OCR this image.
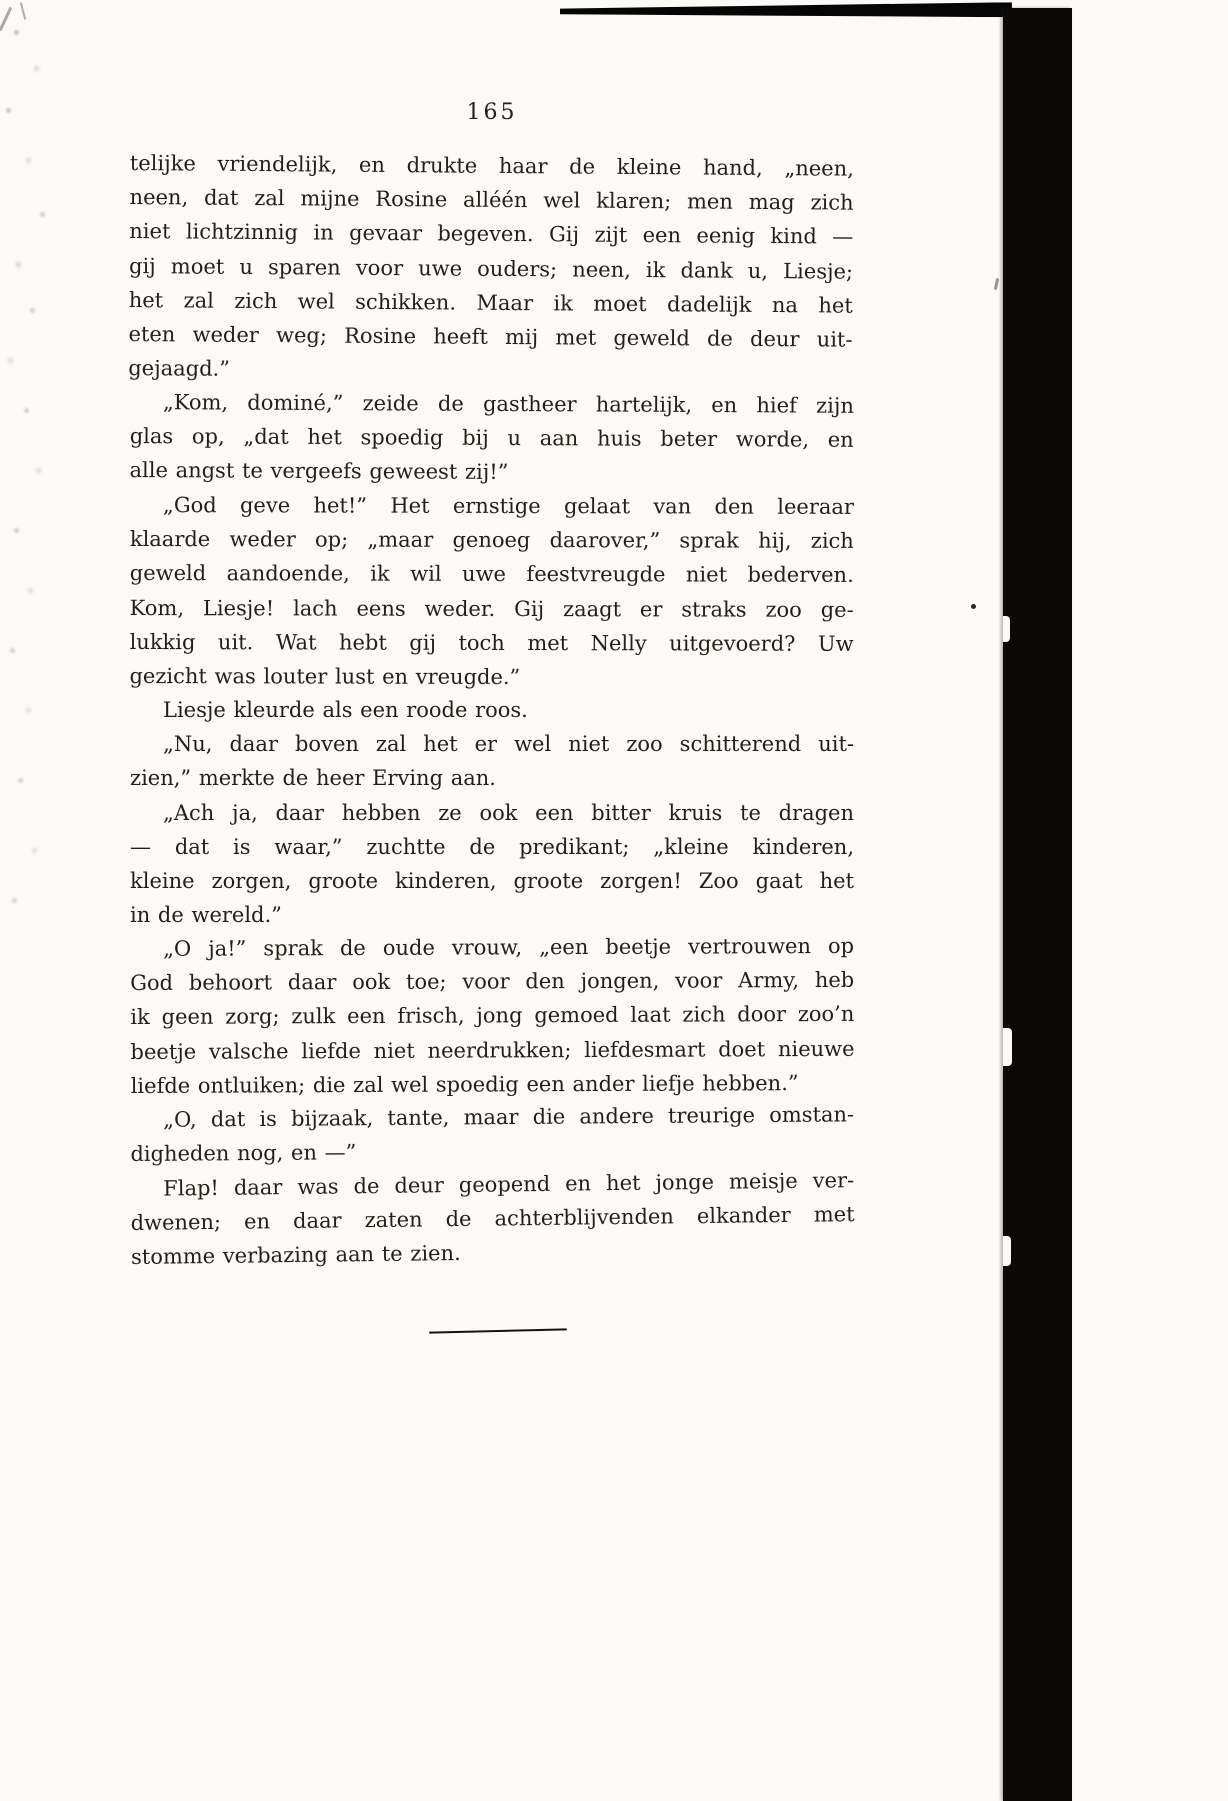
165
telijke vriendelijk, en drukte haar de kleine hand, „neen,
neen, dat zal mijne Rosine alléén wel klaren; men mag zich
niet lichtzinnig in gevaar begeven. Gij zijt een eenig kind —
gij moet u sparen voor uwe ouders; neen, ik dank u, Liesje;
het zal zich wel schikken. Maar ik moet dadelijk na het
eten weder weg; Rosine heeft mij met geweld de deur uit-
gejaagd.”
„Kom, dominé,” zeide de gastheer hartelijk, en hief zijn
glas op, „dat het spoedig bij u aan huis beter worde, en
alle angst te vergeefs geweest zij!”
„God geve het!” Het ernstige gelaat van den leeraar
klaarde weder op; „maar genoeg daarover,” sprak hij, zich
geweld aandoende, ik wil uwe feestvreugde niet bederven.
Kom, Liesje! lach eens weder. Gij zaagt er straks zoo ge-
lukkig uit. Wat hebt gij toch met Nelly uitgevoerd? Uw
gezicht was louter lust en vreugde.”
Liesje kleurde als een roode roos.
„Nu, daar boven zal het er wel niet zoo schitterend uit-
zien,” merkte de heer Erving aan.
„Ach ja, daar hebben ze ook een bitter kruis te dragen
— dat is waar,” zuchtte de predikant; „kleine kinderen,
kleine zorgen, groote kinderen, groote zorgen! Zoo gaat het
in de wereld.”
„O ja!” sprak de oude vrouw, „een beetje vertrouwen op
God behoort daar ook toe; voor den jongen, voor Army, heb
ik geen zorg; zulk een frisch, jong gemoed laat zich door zoo’n
beetje valsche liefde niet neerdrukken; liefdesmart doet nieuwe
liefde ontluiken; die zal wel spoedig een ander liefje hebben.”
„O, dat is bijzaak, tante, maar die andere treurige omstan-
digheden nog, en —”
Flap! daar was de deur geopend en het jonge meisje ver-
dwenen; en daar zaten de achterblijvenden elkander met
stomme verbazing aan te zien.
